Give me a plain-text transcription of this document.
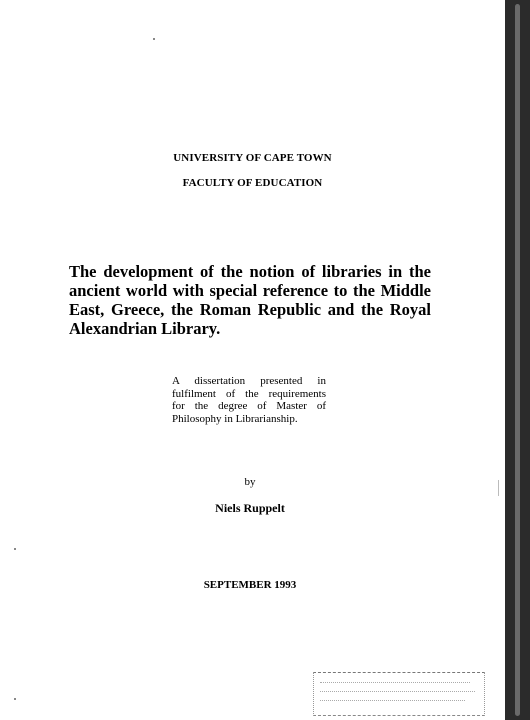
UNIVERSITY OF CAPE TOWN
FACULTY OF EDUCATION
The development of the notion of libraries in the
ancient world with special reference to the Middle
East, Greece, the Roman Republic and the Royal
Alexandrian Library.
A dissertation presented in
fulfilment of the requirements
for the degree of Master of
Philosophy in Librarianship.
by
Niels Ruppelt
SEPTEMBER 1993
